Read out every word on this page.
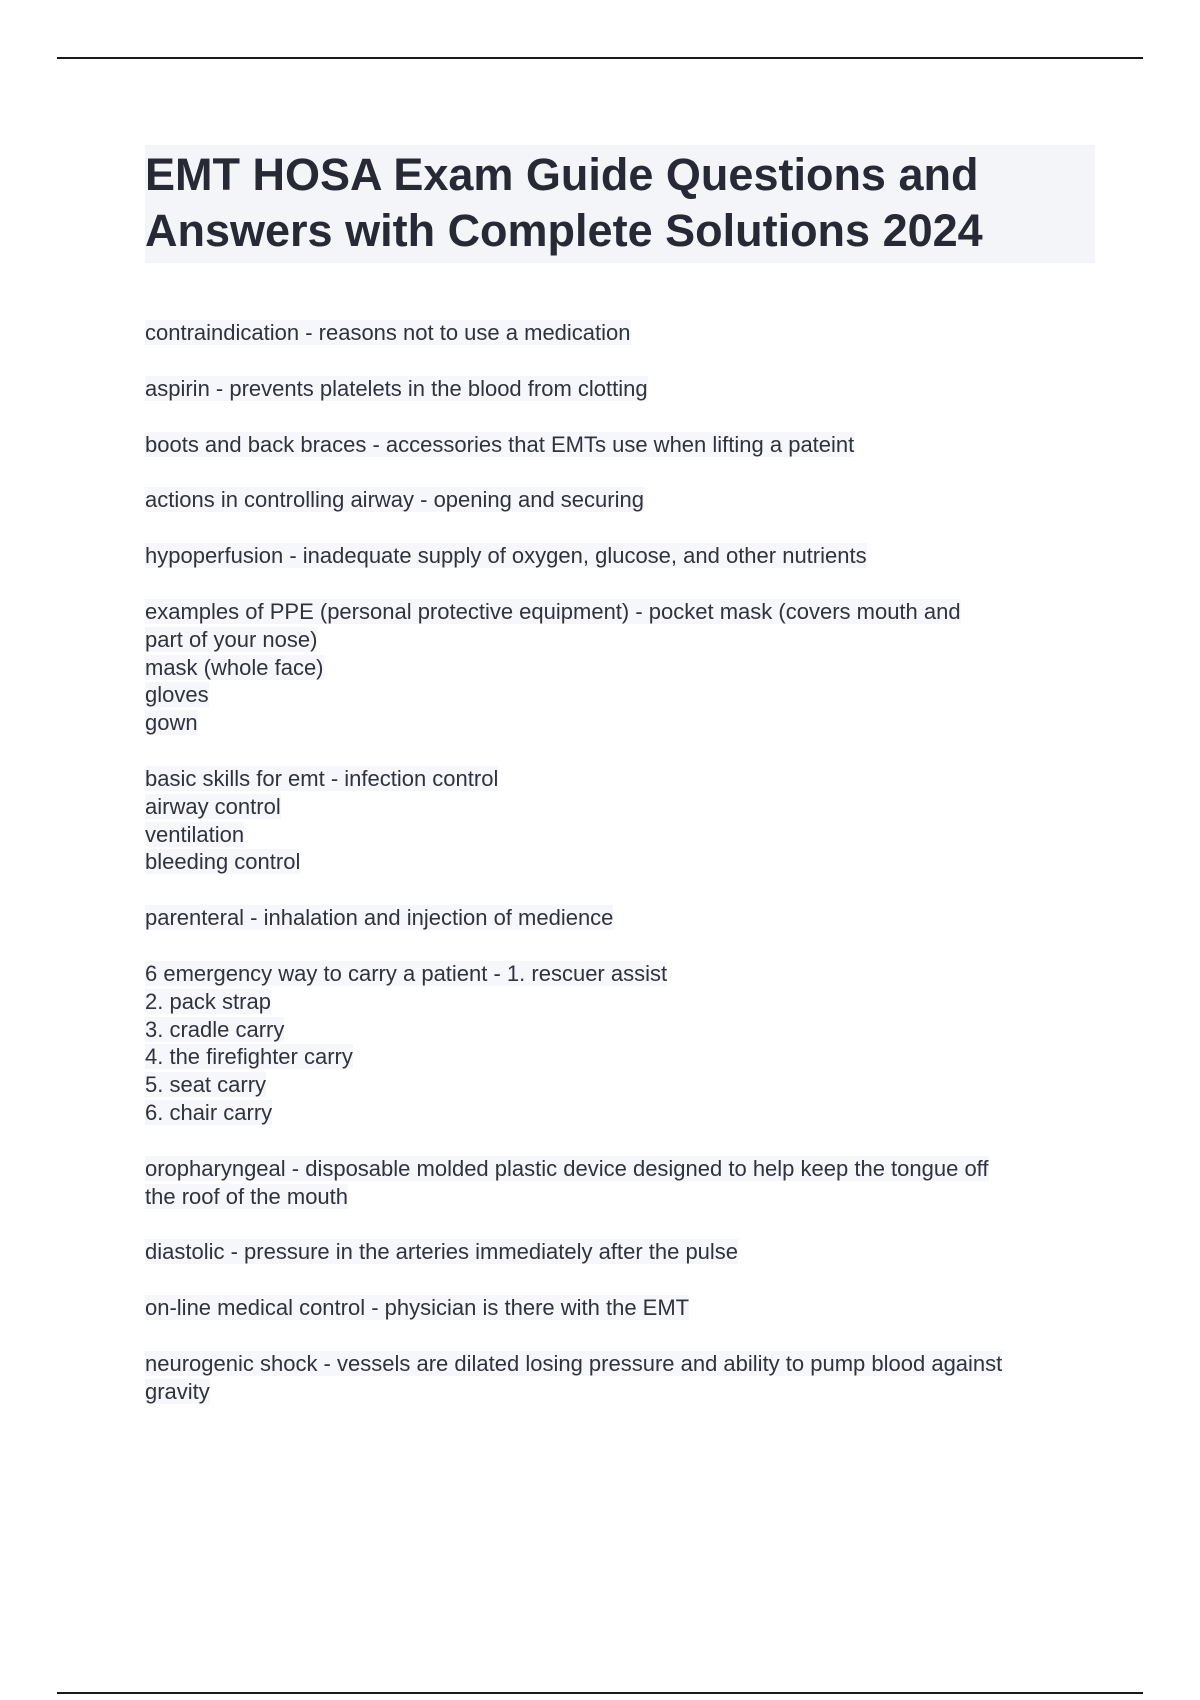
EMT HOSA Exam Guide Questions and Answers with Complete Solutions 2024
contraindication - reasons not to use a medication
aspirin - prevents platelets in the blood from clotting
boots and back braces - accessories that EMTs use when lifting a pateint
actions in controlling airway - opening and securing
hypoperfusion - inadequate supply of oxygen, glucose, and other nutrients
examples of PPE (personal protective equipment) - pocket mask (covers mouth and
part of your nose)
mask (whole face)
gloves
gown
basic skills for emt - infection control
airway control
ventilation
bleeding control
parenteral - inhalation and injection of medience
6 emergency way to carry a patient - 1. rescuer assist
2. pack strap
3. cradle carry
4. the firefighter carry
5. seat carry
6. chair carry
oropharyngeal - disposable molded plastic device designed to help keep the tongue off
the roof of the mouth
diastolic - pressure in the arteries immediately after the pulse
on-line medical control - physician is there with the EMT
neurogenic shock - vessels are dilated losing pressure and ability to pump blood against
gravity
